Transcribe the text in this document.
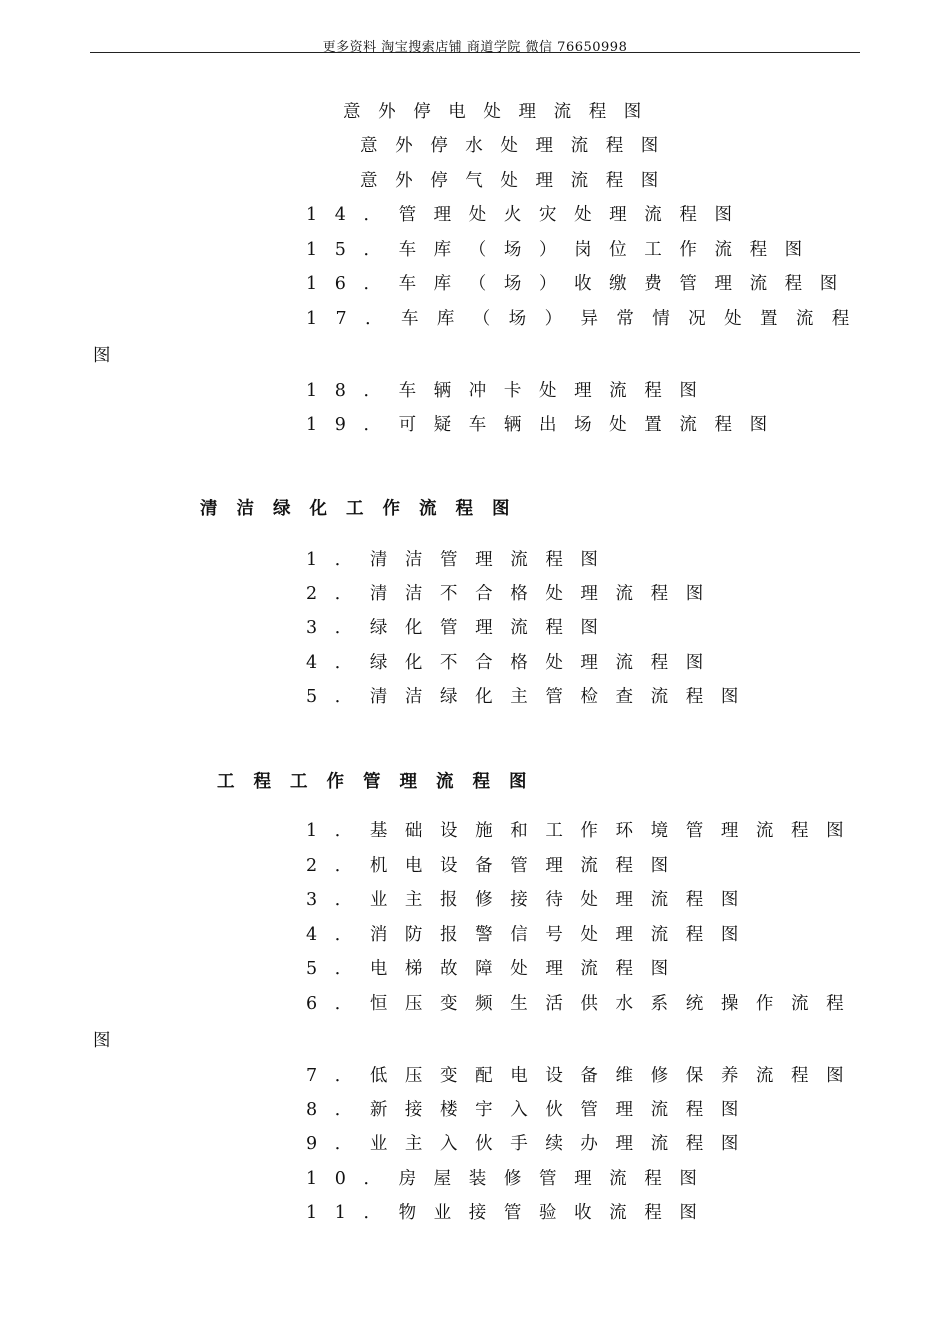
更多资料 淘宝搜索店铺 商道学院 微信 76650998
意外停电处理流程图
意外停水处理流程图
意外停气处理流程图
14．管理处火灾处理流程图
15．车库（场）岗位工作流程图
16．车库（场）收缴费管理流程图
17．车库（场）异常情况处置流程
图
18．车辆冲卡处理流程图
19．可疑车辆出场处置流程图
清洁绿化工作流程图
1．清洁管理流程图
2．清洁不合格处理流程图
3．绿化管理流程图
4．绿化不合格处理流程图
5．清洁绿化主管检查流程图
工程工作管理流程图
1．基础设施和工作环境管理流程图
2．机电设备管理流程图
3．业主报修接待处理流程图
4．消防报警信号处理流程图
5．电梯故障处理流程图
6．恒压变频生活供水系统操作流程
图
7．低压变配电设备维修保养流程图
8．新接楼宇入伙管理流程图
9．业主入伙手续办理流程图
10．房屋装修管理流程图
11．物业接管验收流程图
